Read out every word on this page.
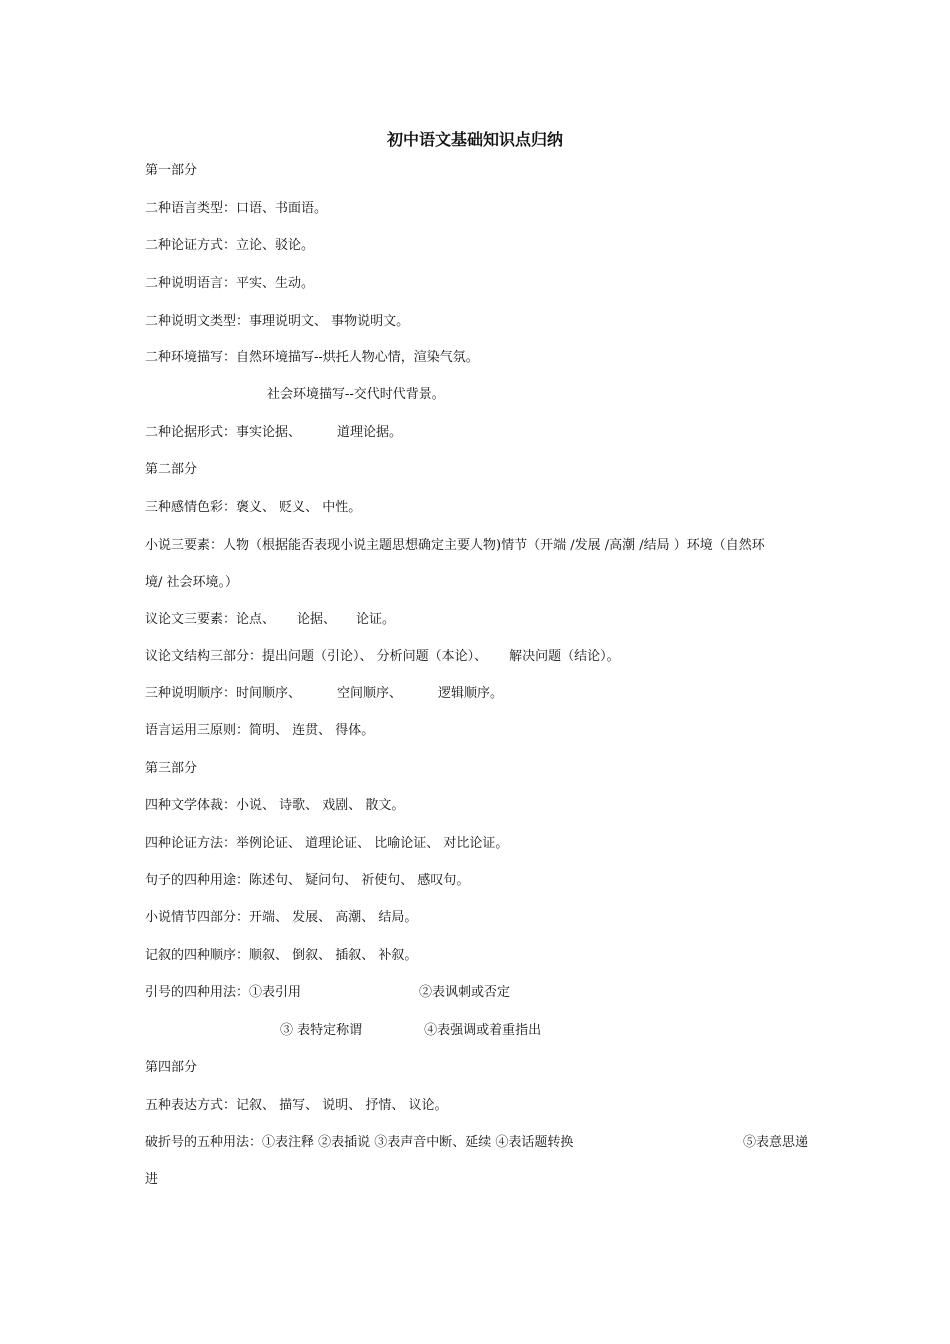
初中语文基础知识点归纳
第一部分
二种语言类型：口语、书面语。
二种论证方式：立论、驳论。
二种说明语言：平实、生动。
二种说明文类型：事理说明文、 事物说明文。
二种环境描写：自然环境描写--烘托人物心情，渲染气氛。
社会环境描写--交代时代背景。
二种论据形式：事实论据、	道理论据。
第二部分
三种感情色彩：褒义、 贬义、 中性。
小说三要素：人物（根据能否表现小说主题思想确定主要人物)情节（开端 /发展 /高潮 /结局 ）环境（自然环
境/ 社会环境。）
议论文三要素：论点、 论据、 论证。
议论文结构三部分：提出问题（引论）、 分析问题（本论）、 解决问题（结论）。
三种说明顺序：时间顺序、	空间顺序、	逻辑顺序。
语言运用三原则：简明、 连贯、 得体。
第三部分
四种文学体裁：小说、 诗歌、 戏剧、 散文。
四种论证方法：举例论证、 道理论证、 比喻论证、 对比论证。
句子的四种用途：陈述句、 疑问句、 祈使句、 感叹句。
小说情节四部分：开端、 发展、 高潮、 结局。
记叙的四种顺序：顺叙、 倒叙、 插叙、 补叙。
引号的四种用法：①表引用	②表讽刺或否定
③ 表特定称谓	④表强调或着重指出
第四部分
五种表达方式：记叙、 描写、 说明、 抒情、 议论。
破折号的五种用法：①表注释 ②表插说 ③表声音中断、延续 ④表话题转换	⑤表意思递
进
